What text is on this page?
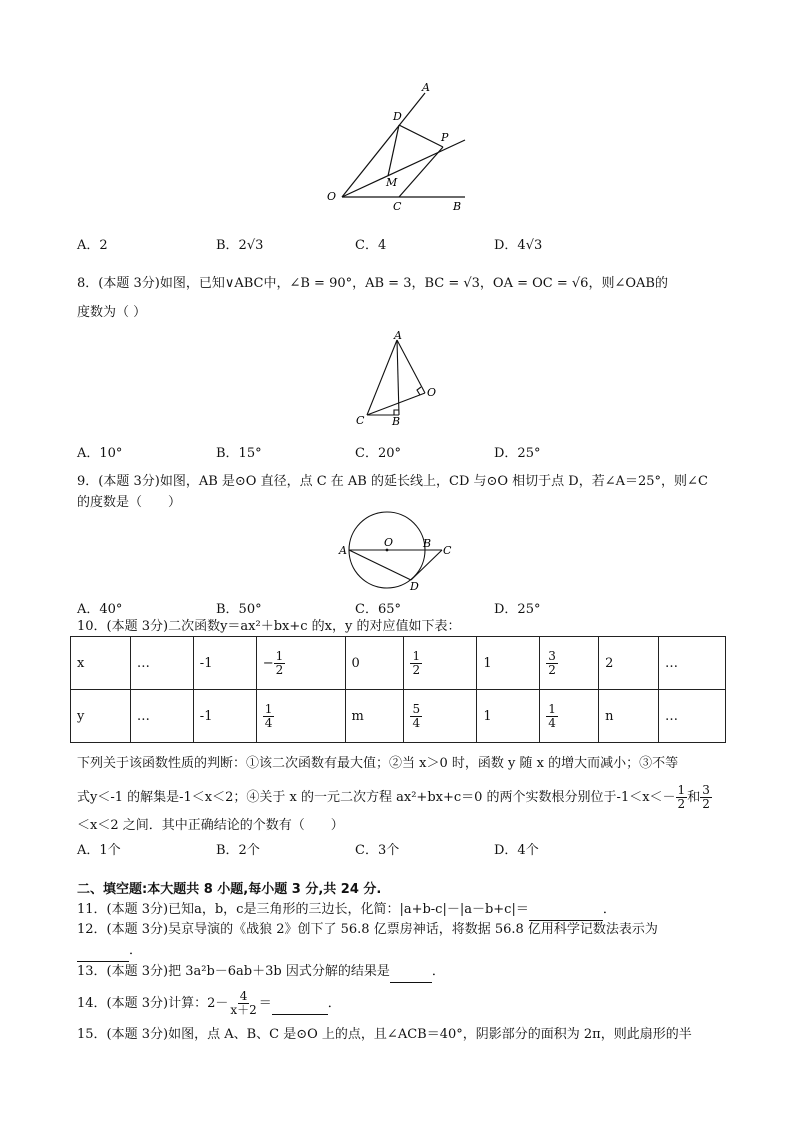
A
D
P
M
O
C	B
A．2	B．2√3	C．4	D．4√3
8．(本题 3分)如图，已知∨ABC中，∠B = 90°，AB = 3，BC = √3，OA = OC = √6，则∠OAB的
度数为（ ）
A
C	B
O
A．10°	B．15°	C．20°	D．25°
9．(本题 3分)如图，AB 是⊙O 直径，点 C 在 AB 的延长线上，CD 与⊙O 相切于点 D，若∠A＝25°，则∠C
的度数是（　　）
A
O	B
C
D
A．40°	B．50°	C．65°	D．25°
10．(本题 3分)二次函数y＝ax²＋bx+c 的x，y 的对应值如下表：
x	…	-1	− $\frac{1}{2}$	0	$\frac{1}{2}$	1	$\frac{3}{2}$	2	…
y	…	-1	$\frac{1}{4}$	m	$\frac{5}{4}$	1	$\frac{1}{4}$	n	…
下列关于该函数性质的判断：①该二次函数有最大值；②当 x＞0 时，函数 y 随 x 的增大而减小；③不等
式y＜-1 的解集是-1＜x＜2；④关于 x 的一元二次方程 ax²+bx+c＝0 的两个实数根分别位于$-1<x<- \frac{1}{2}$ 和 $\frac{3}{2}$
＜x＜2 之间．其中正确结论的个数有（　　）
A．1个	B．2个	C．3个	D．4个
二、填空题:本大题共 8 小题,每小题 3 分,共 24 分.
11．(本题 3分)已知a，b，c是三角形的三边长，化简：|a+b-c|－|a－b+c|＝	．
12．(本题 3分)吴京导演的《战狼 2》创下了 56.8 亿票房神话，将数据 56.8 亿用科学记数法表示为
．
13．(本题 3分)把 3a²b－6ab＋3b 因式分解的结果是	．
14．(本题 3分)计算：$2- \frac{4}{x+2}$ ＝	．
15．(本题 3分)如图，点 A、B、C 是⊙O 上的点，且∠ACB＝40°，阴影部分的面积为 2π，则此扇形的半
